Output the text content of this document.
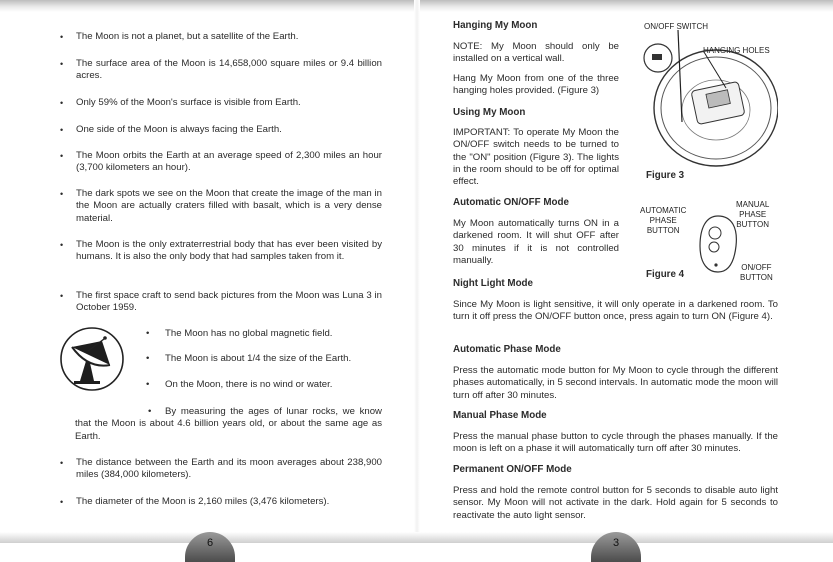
6	3
• The Moon is not a planet, but a satellite of the Earth.
• The surface area of the Moon is 14,658,000 square miles or 9.4 billion acres.
• Only 59% of the Moon's surface is visible from Earth.
• One side of the Moon is always facing the Earth.
• The Moon orbits the Earth at an average speed of 2,300 miles an hour (3,700 kilometers an hour).
• The dark spots we see on the Moon that create the image of the man in the Moon are actually craters filled with basalt, which is a very dense material.
• The Moon is the only extraterrestrial body that has ever been visited by humans. It is also the only body that had samples taken from it.
• The first space craft to send back pictures from the Moon was Luna 3 in October 1959.
• The Moon has no global magnetic field.
• The Moon is about 1/4 the size of the Earth.
• On the Moon, there is no wind or water.
• By measuring the ages of lunar rocks, we know that the Moon is about 4.6 billion years old, or about the same age as Earth.
• The distance between the Earth and its moon averages about 238,900 miles (384,000 kilometers).
• The diameter of the Moon is 2,160 miles (3,476 kilometers).
Hanging My Moon
NOTE: My Moon should only be installed on a vertical wall.
Hang My Moon from one of the three hanging holes provided. (Figure 3)
Using My Moon
IMPORTANT: To operate My Moon the ON/OFF switch needs to be turned to the "ON" position (Figure 3). The lights in the room should to be off for optimal effect.
Automatic ON/OFF Mode
My Moon automatically turns ON in a darkened room. It will shut OFF after 30 minutes if it is not controlled manually.
Night Light Mode
Since My Moon is light sensitive, it will only operate in a darkened room. To turn it off press the ON/OFF button once, press again to turn ON (Figure 4).
Automatic Phase Mode
Press the automatic mode button for My Moon to cycle through the different phases automatically, in 5 second intervals. In automatic mode the moon will turn off after 30 minutes.
Manual Phase Mode
Press the manual phase button to cycle through the phases manually. If the moon is left on a phase it will automatically turn off after 30 minutes.
Permanent ON/OFF Mode
Press and hold the remote control button for 5 seconds to disable auto light sensor. My Moon will not activate in the dark. Hold again for 5 seconds to reactivate the auto light sensor.
ON/OFF SWITCH
HANGING HOLES
Figure 3
AUTOMATIC
PHASE
BUTTON
MANUAL
PHASE
BUTTON
ON/OFF
BUTTON
Figure 4
